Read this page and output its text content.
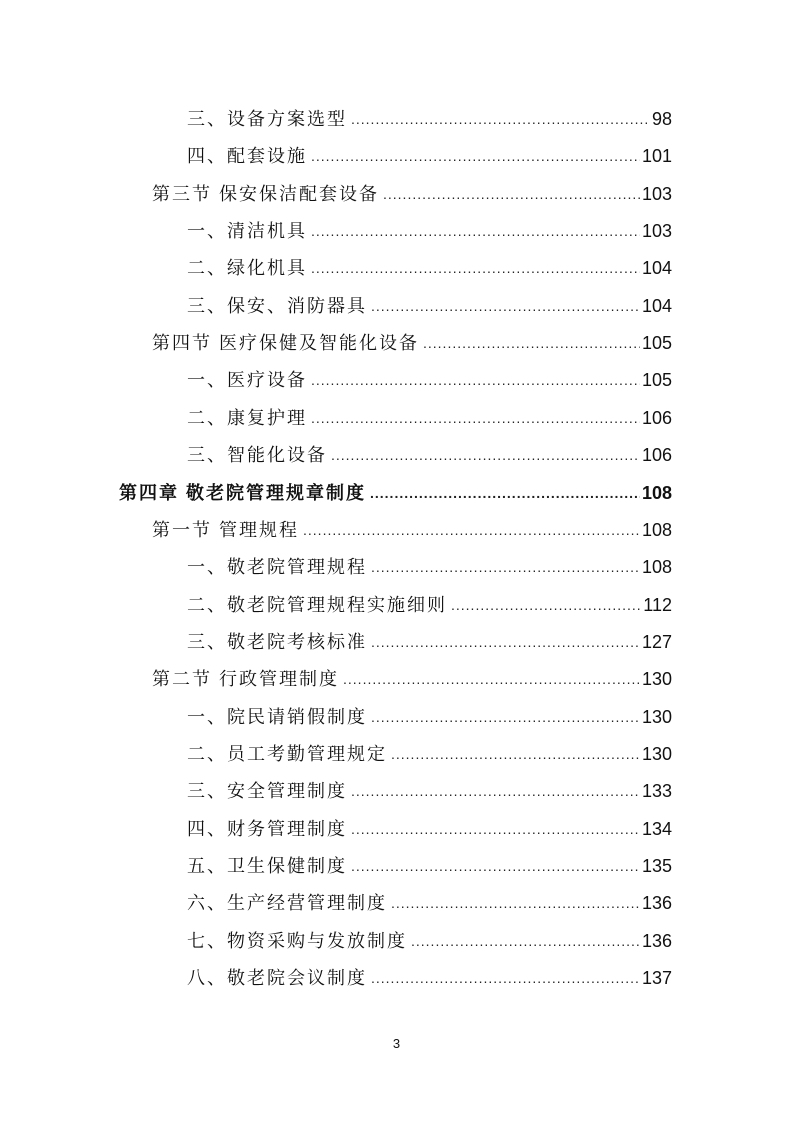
三、设备方案选型 .....	98
四、配套设施 .....	101
第三节 保安保洁配套设备 .....	103
一、清洁机具 .....	103
二、绿化机具 .....	104
三、保安、消防器具 .....	104
第四节 医疗保健及智能化设备 .....	105
一、医疗设备 .....	105
二、康复护理 .....	106
三、智能化设备 .....	106
第四章 敬老院管理规章制度 .....	108
第一节 管理规程 .....	108
一、敬老院管理规程 .....	108
二、敬老院管理规程实施细则 .....	112
三、敬老院考核标准 .....	127
第二节 行政管理制度 .....	130
一、院民请销假制度 .....	130
二、员工考勤管理规定 .....	130
三、安全管理制度 .....	133
四、财务管理制度 .....	134
五、卫生保健制度 .....	135
六、生产经营管理制度 .....	136
七、物资采购与发放制度 .....	136
八、敬老院会议制度 .....	137
3
